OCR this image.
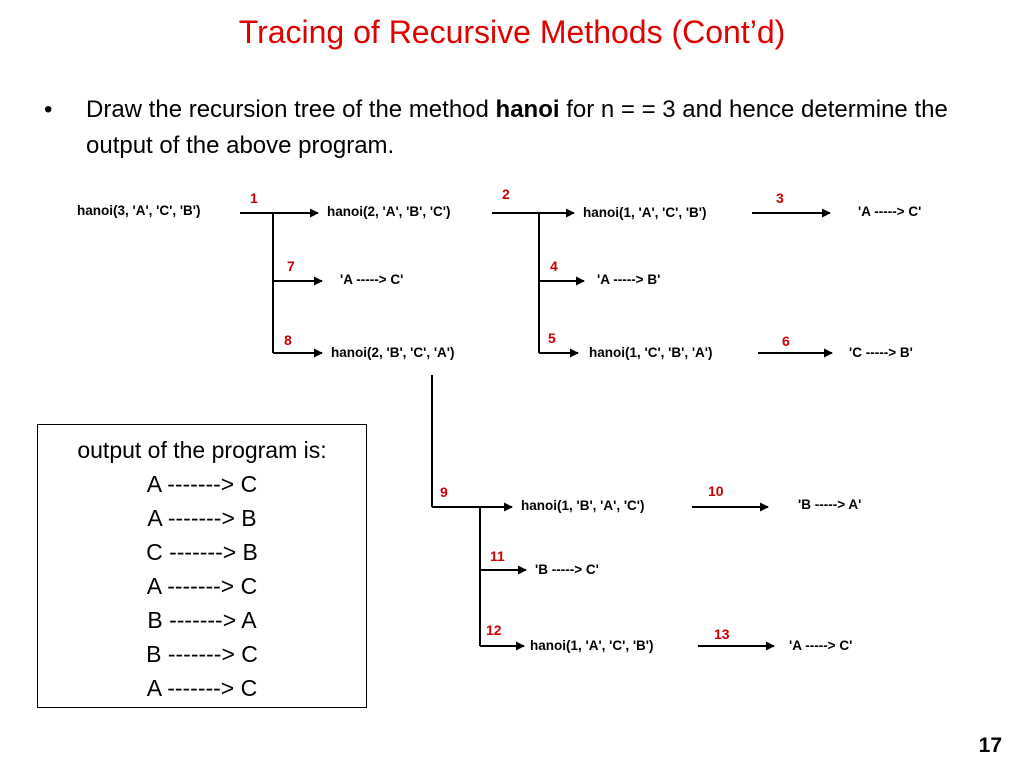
Tracing of Recursive Methods (Cont’d)
• Draw the recursion tree of the method hanoi for n = = 3 and hence determine the output of the above program.
hanoi(3, 'A', 'C', 'B')	hanoi(2, 'A', 'B', 'C')	hanoi(1, 'A', 'C', 'B')	'A -----> C'
'A -----> C'	'A -----> B'
hanoi(2, 'B', 'C', 'A')	hanoi(1, 'C', 'B', 'A')	'C -----> B'
hanoi(1, 'B', 'A', 'C')	'B -----> A'
'B -----> C'
hanoi(1, 'A', 'C', 'B')	'A -----> C'
1	2	3
4
5	6
7
8
9	10
11
12	13
output of the program is:
A -------> C
A -------> B
C -------> B
A -------> C
B -------> A
B -------> C
A -------> C
17
